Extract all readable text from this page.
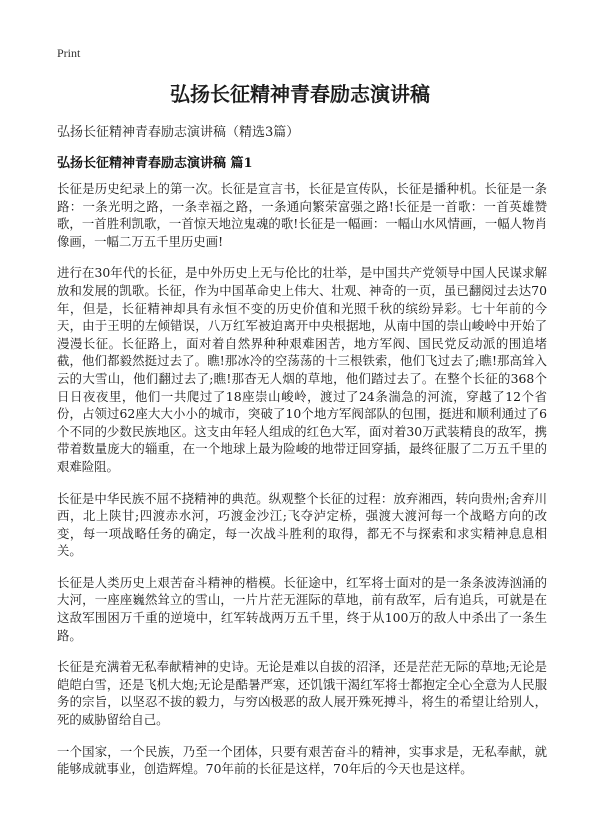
Print
弘扬长征精神青春励志演讲稿
弘扬长征精神青春励志演讲稿（精选3篇）
弘扬长征精神青春励志演讲稿 篇1

长征是历史纪录上的第一次。长征是宣言书，长征是宣传队，长征是播种机。长征是一条路：一条光明之路，一条幸福之路，一条通向繁荣富强之路!长征是一首歌：一首英雄赞歌，一首胜利凯歌，一首惊天地泣鬼魂的歌!长征是一幅画：一幅山水风情画，一幅人物肖像画，一幅二万五千里历史画!

进行在30年代的长征，是中外历史上无与伦比的壮举，是中国共产党领导中国人民谋求解放和发展的凯歌。长征，作为中国革命史上伟大、壮观、神奇的一页，虽已翻阅过去达70年，但是，长征精神却具有永恒不变的历史价值和光照千秋的缤纷异彩。七十年前的今天，由于王明的左倾错误，八万红军被迫离开中央根据地，从南中国的崇山峻岭中开始了漫漫长征。长征路上，面对着自然界种种艰难困苦，地方军阀、国民党反动派的围追堵截，他们都毅然挺过去了。瞧!那冰冷的空荡荡的十三根铁索，他们飞过去了;瞧!那高耸入云的大雪山，他们翻过去了;瞧!那杳无人烟的草地，他们踏过去了。在整个长征的368个日日夜夜里，他们一共爬过了18座崇山峻岭，渡过了24条湍急的河流，穿越了12个省份，占领过62座大大小小的城市，突破了10个地方军阀部队的包围，挺进和顺利通过了6个不同的少数民族地区。这支由年轻人组成的红色大军，面对着30万武装精良的敌军，携带着数量庞大的辎重，在一个地球上最为险峻的地带迂回穿插，最终征服了二万五千里的艰难险阻。

长征是中华民族不屈不挠精神的典范。纵观整个长征的过程：放弃湘西，转向贵州;舍弃川西，北上陕甘;四渡赤水河，巧渡金沙江;飞夺泸定桥，强渡大渡河每一个战略方向的改变，每一项战略任务的确定，每一次战斗胜利的取得，都无不与探索和求实精神息息相关。

长征是人类历史上艰苦奋斗精神的楷模。长征途中，红军将士面对的是一条条波涛汹涌的大河，一座座巍然耸立的雪山，一片片茫无涯际的草地，前有敌军，后有追兵，可就是在这敌军围困万千重的逆境中，红军转战两万五千里，终于从100万的敌人中杀出了一条生路。

长征是充满着无私奉献精神的史诗。无论是难以自拔的沼泽，还是茫茫无际的草地;无论是皑皑白雪，还是飞机大炮;无论是酷暑严寒，还饥饿干渴红军将士都抱定全心全意为人民服务的宗旨，以坚忍不拔的毅力，与穷凶极恶的敌人展开殊死搏斗，将生的希望让给别人，死的威胁留给自己。

一个国家，一个民族，乃至一个团体，只要有艰苦奋斗的精神，实事求是，无私奉献，就能够成就事业，创造辉煌。70年前的长征是这样，70年后的今天也是这样。
